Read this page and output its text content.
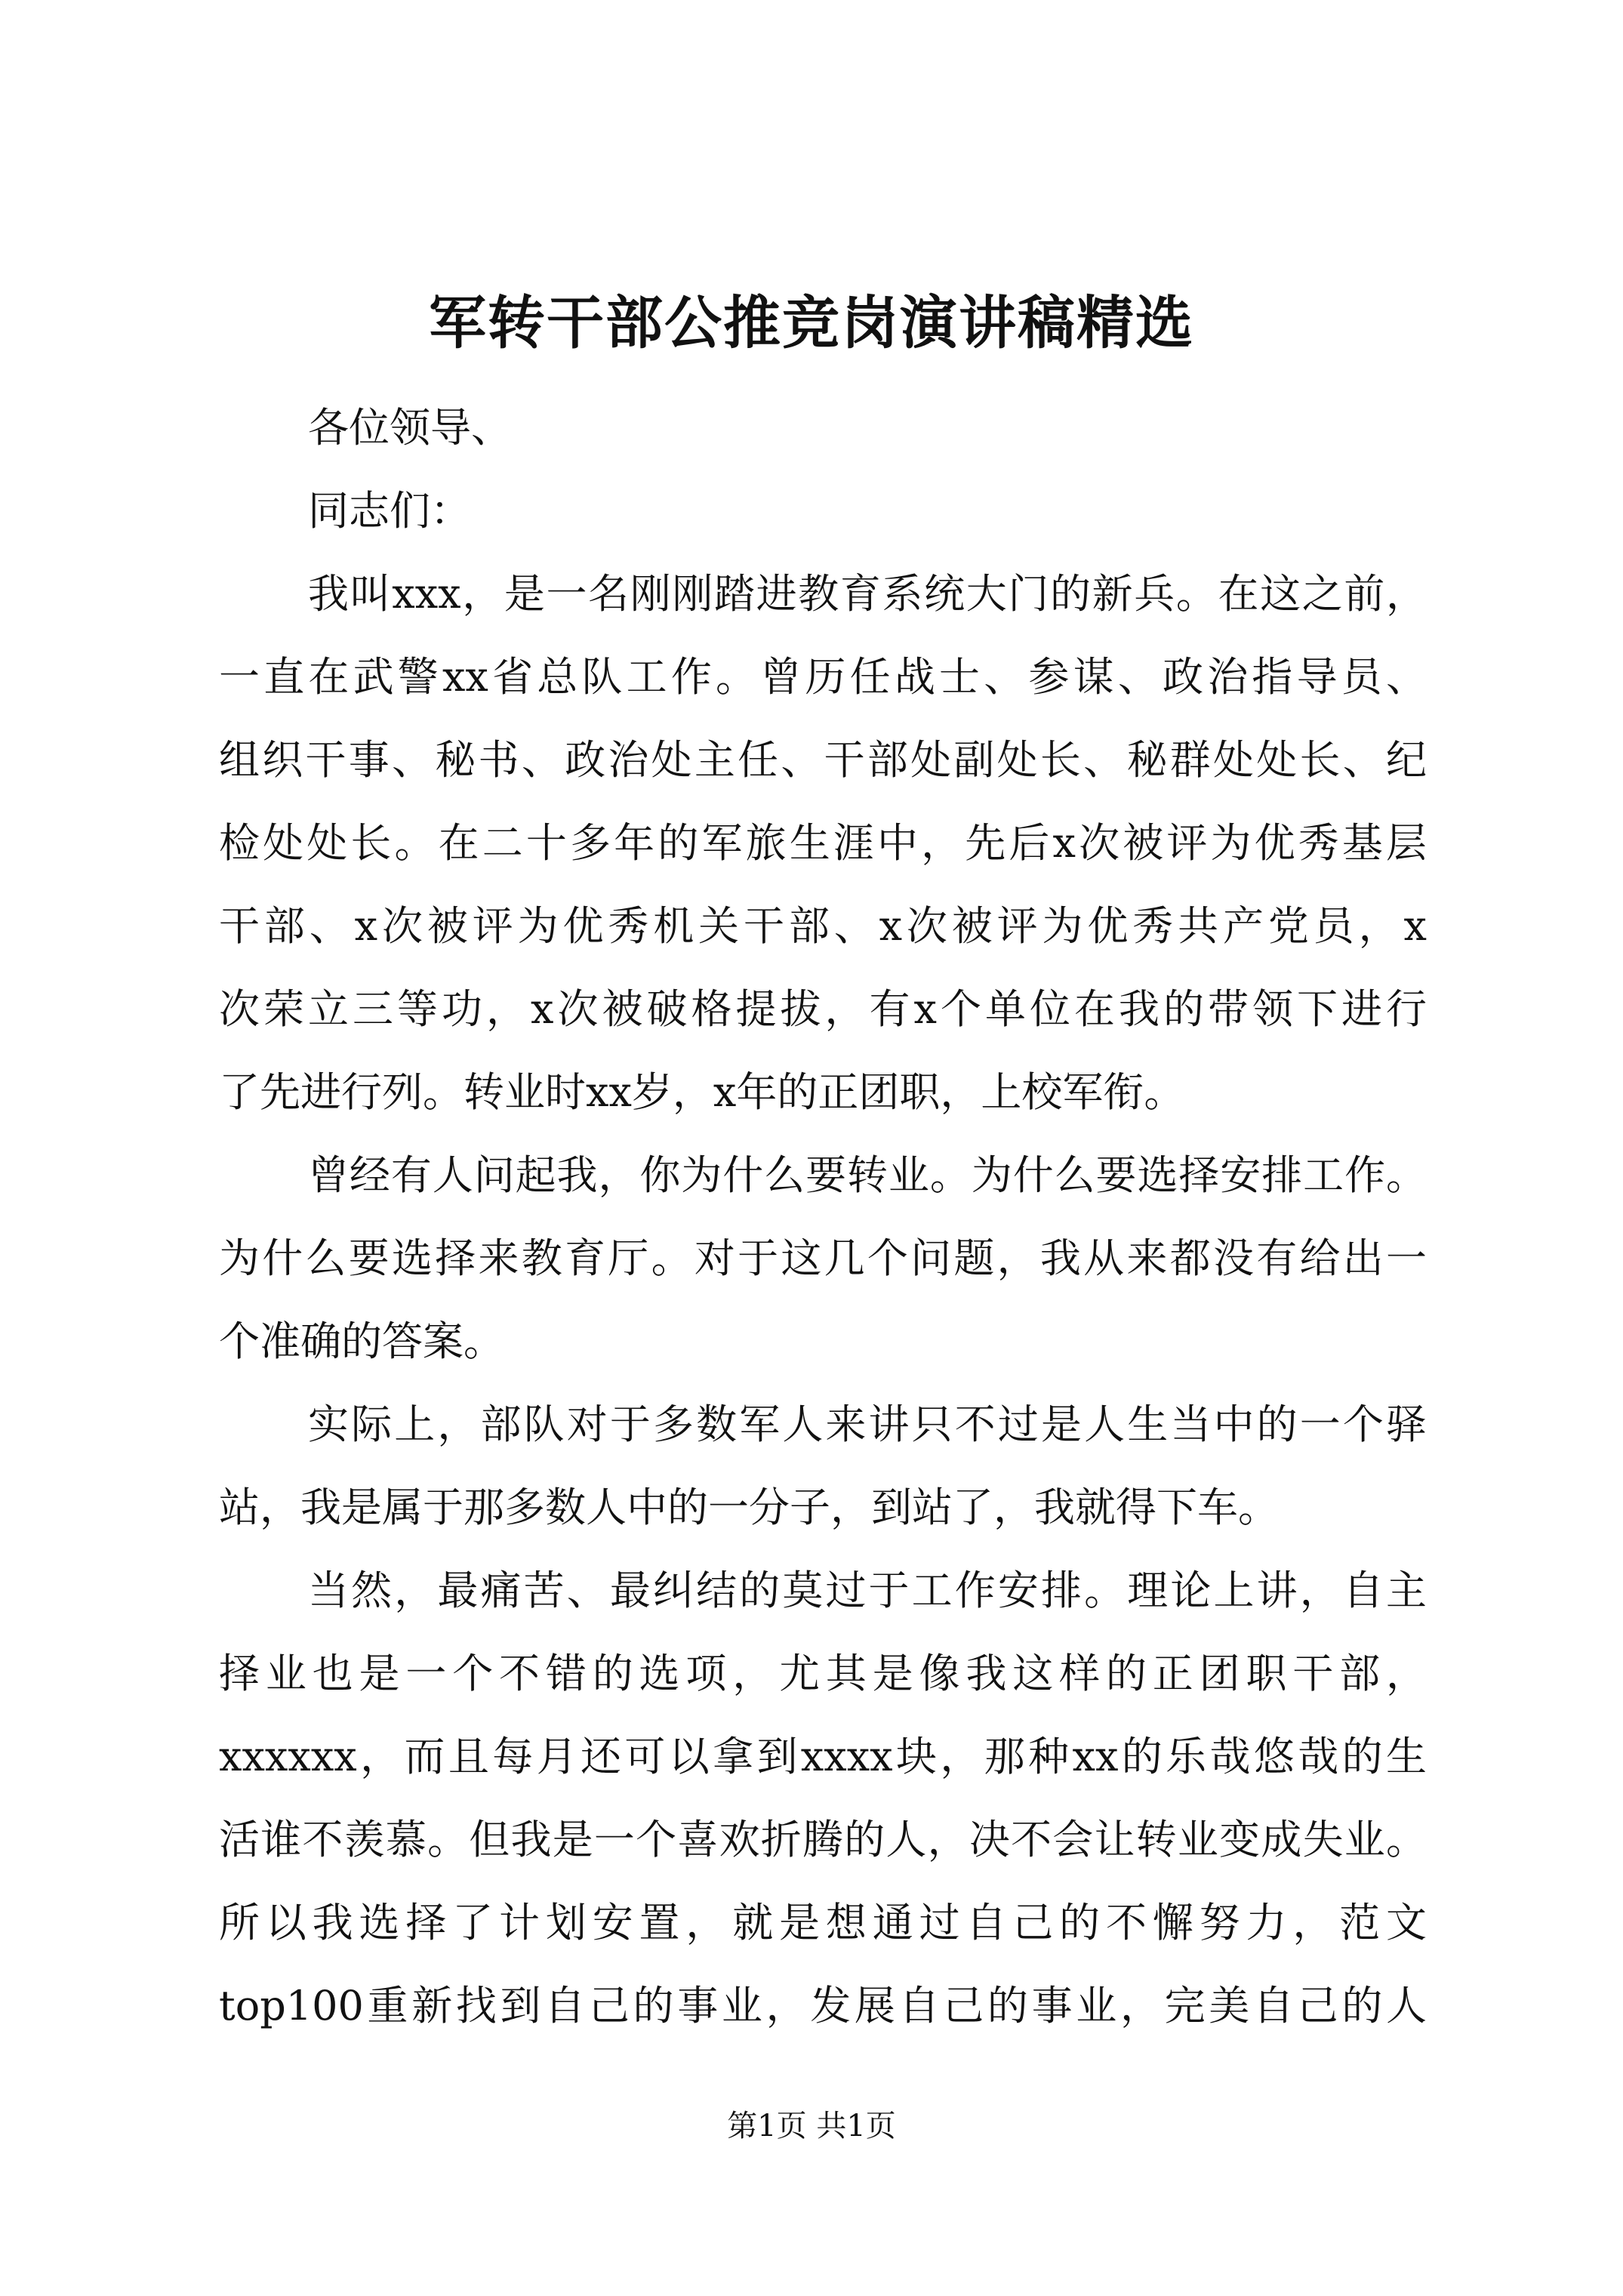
军转干部公推竞岗演讲稿精选
各位领导、
同志们：
我叫xxx，是一名刚刚踏进教育系统大门的新兵。在这之前，
一直在武警xx省总队工作。曾历任战士、参谋、政治指导员、
组织干事、秘书、政治处主任、干部处副处长、秘群处处长、纪
检处处长。在二十多年的军旅生涯中，先后x次被评为优秀基层
干部、x次被评为优秀机关干部、x次被评为优秀共产党员，x
次荣立三等功，x次被破格提拔，有x个单位在我的带领下进行
了先进行列。转业时xx岁，x年的正团职，上校军衔。
曾经有人问起我，你为什么要转业。为什么要选择安排工作。
为什么要选择来教育厅。对于这几个问题，我从来都没有给出一
个准确的答案。
实际上，部队对于多数军人来讲只不过是人生当中的一个驿
站，我是属于那多数人中的一分子，到站了，我就得下车。
当然，最痛苦、最纠结的莫过于工作安排。理论上讲，自主
择业也是一个不错的选项，尤其是像我这样的正团职干部，
xxxxxx，而且每月还可以拿到xxxx块，那种xx的乐哉悠哉的生
活谁不羡慕。但我是一个喜欢折腾的人，决不会让转业变成失业。
所以我选择了计划安置，就是想通过自己的不懈努力，范文
top100重新找到自己的事业，发展自己的事业，完美自己的人
第1页 共1页
